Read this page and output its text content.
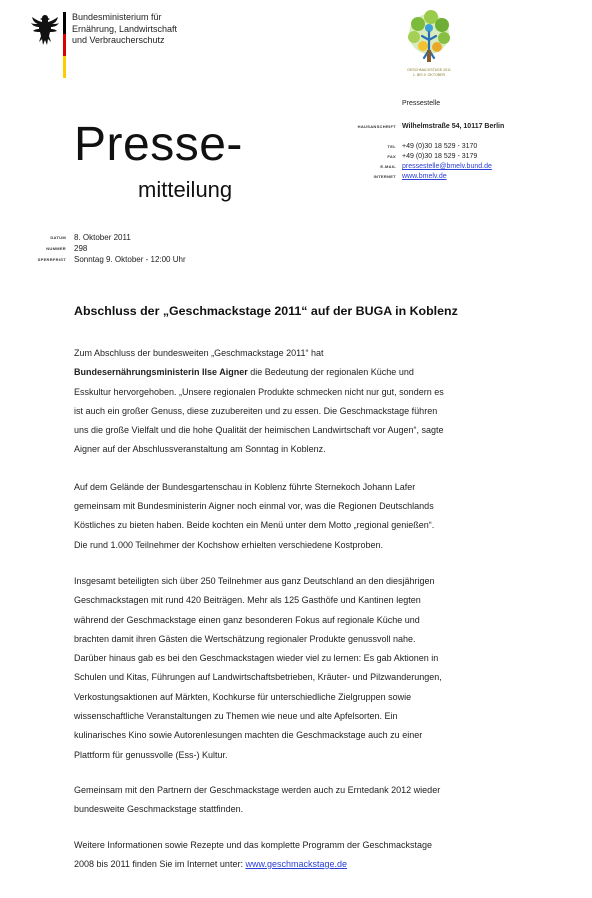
Bundesministerium für
Ernährung, Landwirtschaft
und Verbraucherschutz
GESCHMACKSTAGE 2011
1. BIS 9. OKTOBER
Presse-
mitteilung
Pressestelle
HAUSANSCHRIFT Wilhelmstraße 54, 10117 Berlin
TEL +49 (0)30 18 529 - 3170
FAX +49 (0)30 18 529 - 3179
E-MAIL pressestelle@bmelv.bund.de
INTERNET www.bmelv.de
DATUM	8. Oktober 2011
NUMMER	298
SPERRFRIST	Sonntag 9. Oktober - 12:00 Uhr
Abschluss der „Geschmackstage 2011“ auf der BUGA in Koblenz

Zum Abschluss der bundesweiten „Geschmackstage 2011“ hat
Bundesernährungsministerin Ilse Aigner die Bedeutung der regionalen Küche und
Esskultur hervorgehoben. „Unsere regionalen Produkte schmecken nicht nur gut, sondern es
ist auch ein großer Genuss, diese zuzubereiten und zu essen. Die Geschmackstage führen
uns die große Vielfalt und die hohe Qualität der heimischen Landwirtschaft vor Augen“, sagte
Aigner auf der Abschlussveranstaltung am Sonntag in Koblenz.

Auf dem Gelände der Bundesgartenschau in Koblenz führte Sternekoch Johann Lafer
gemeinsam mit Bundesministerin Aigner noch einmal vor, was die Regionen Deutschlands
Köstliches zu bieten haben. Beide kochten ein Menü unter dem Motto „regional genießen“.
Die rund 1.000 Teilnehmer der Kochshow erhielten verschiedene Kostproben.

Insgesamt beteiligten sich über 250 Teilnehmer aus ganz Deutschland an den diesjährigen
Geschmackstagen mit rund 420 Beiträgen. Mehr als 125 Gasthöfe und Kantinen legten
während der Geschmackstage einen ganz besonderen Fokus auf regionale Küche und
brachten damit ihren Gästen die Wertschätzung regionaler Produkte genussvoll nahe.
Darüber hinaus gab es bei den Geschmackstagen wieder viel zu lernen: Es gab Aktionen in
Schulen und Kitas, Führungen auf Landwirtschaftsbetrieben, Kräuter- und Pilzwanderungen,
Verkostungsaktionen auf Märkten, Kochkurse für unterschiedliche Zielgruppen sowie
wissenschaftliche Veranstaltungen zu Themen wie neue und alte Apfelsorten. Ein
kulinarisches Kino sowie Autorenlesungen machten die Geschmackstage auch zu einer
Plattform für genussvolle (Ess-) Kultur.

Gemeinsam mit den Partnern der Geschmackstage werden auch zu Erntedank 2012 wieder
bundesweite Geschmackstage stattfinden.

Weitere Informationen sowie Rezepte und das komplette Programm der Geschmackstage
2008 bis 2011 finden Sie im Internet unter: www.geschmackstage.de
